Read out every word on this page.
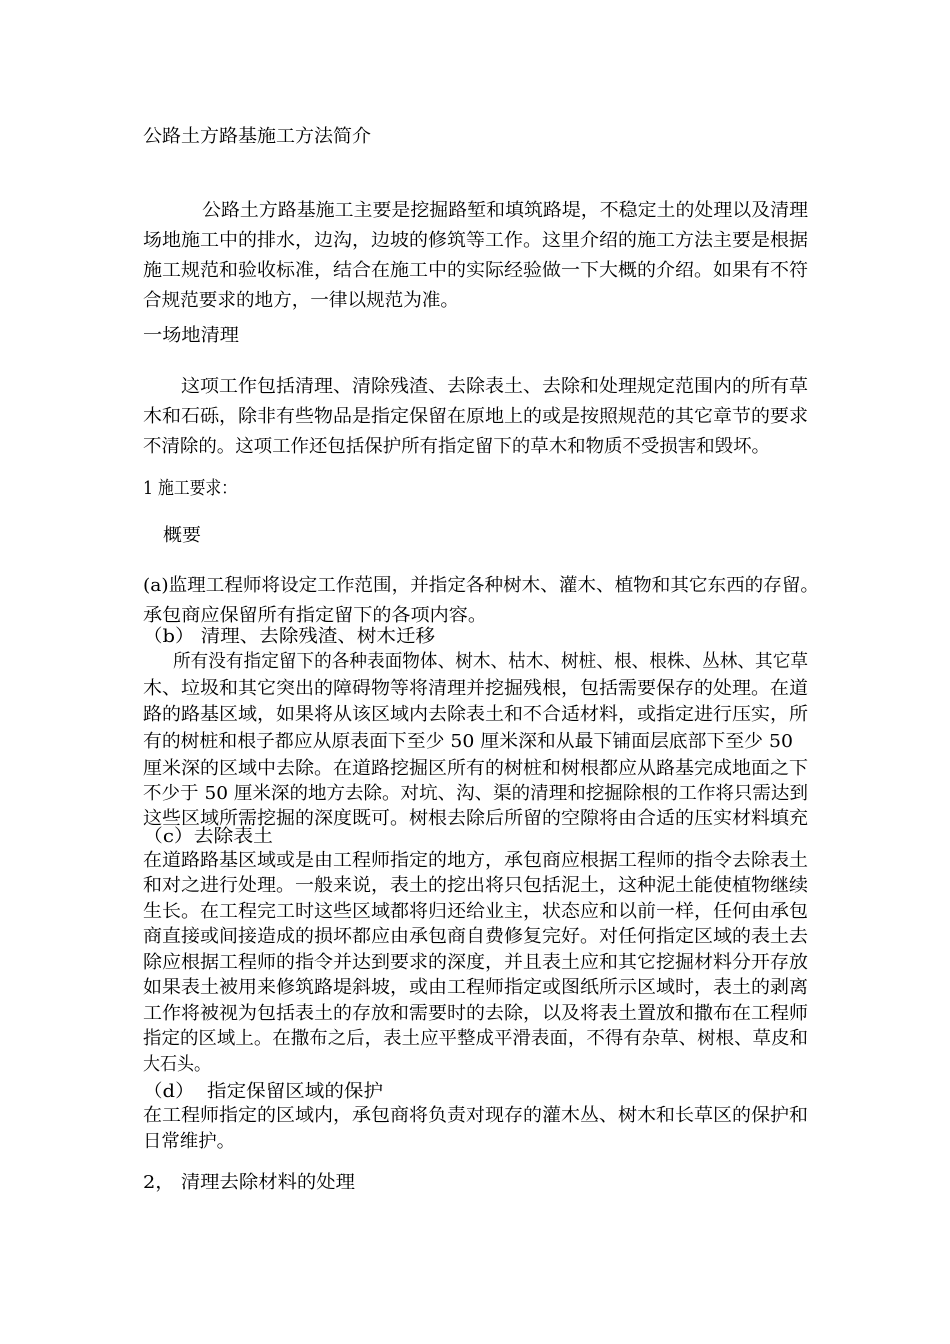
公路土方路基施工方法简介
公路土方路基施工主要是挖掘路堑和填筑路堤，不稳定土的处理以及清理
场地施工中的排水，边沟，边坡的修筑等工作。这里介绍的施工方法主要是根据
施工规范和验收标准，结合在施工中的实际经验做一下大概的介绍。如果有不符
合规范要求的地方，一律以规范为准。
一场地清理
这项工作包括清理、清除残渣、去除表土、去除和处理规定范围内的所有草
木和石砾，除非有些物品是指定保留在原地上的或是按照规范的其它章节的要求
不清除的。这项工作还包括保护所有指定留下的草木和物质不受损害和毁坏。
1 施工要求：
概要
(a)监理工程师将设定工作范围，并指定各种树木、灌木、植物和其它东西的存留。
承包商应保留所有指定留下的各项内容。
（b） 清理、去除残渣、树木迁移
所有没有指定留下的各种表面物体、树木、枯木、树桩、根、根株、丛林、其它草
木、垃圾和其它突出的障碍物等将清理并挖掘残根，包括需要保存的处理。在道
路的路基区域，如果将从该区域内去除表土和不合适材料，或指定进行压实，所
有的树桩和根子都应从原表面下至少 50 厘米深和从最下铺面层底部下至少 50
厘米深的区域中去除。在道路挖掘区所有的树桩和树根都应从路基完成地面之下
不少于 50 厘米深的地方去除。对坑、沟、渠的清理和挖掘除根的工作将只需达到
这些区域所需挖掘的深度既可。树根去除后所留的空隙将由合适的压实材料填充
（c）去除表土
在道路路基区域或是由工程师指定的地方，承包商应根据工程师的指令去除表土
和对之进行处理。一般来说，表土的挖出将只包括泥土，这种泥土能使植物继续
生长。在工程完工时这些区域都将归还给业主，状态应和以前一样，任何由承包
商直接或间接造成的损坏都应由承包商自费修复完好。对任何指定区域的表土去
除应根据工程师的指令并达到要求的深度，并且表土应和其它挖掘材料分开存放
如果表土被用来修筑路堤斜坡，或由工程师指定或图纸所示区域时，表土的剥离
工作将被视为包括表土的存放和需要时的去除，以及将表土置放和撒布在工程师
指定的区域上。在撒布之后，表土应平整成平滑表面，不得有杂草、树根、草皮和
大石头。
（d）  指定保留区域的保护
在工程师指定的区域内，承包商将负责对现存的灌木丛、树木和长草区的保护和
日常维护。
2， 清理去除材料的处理
